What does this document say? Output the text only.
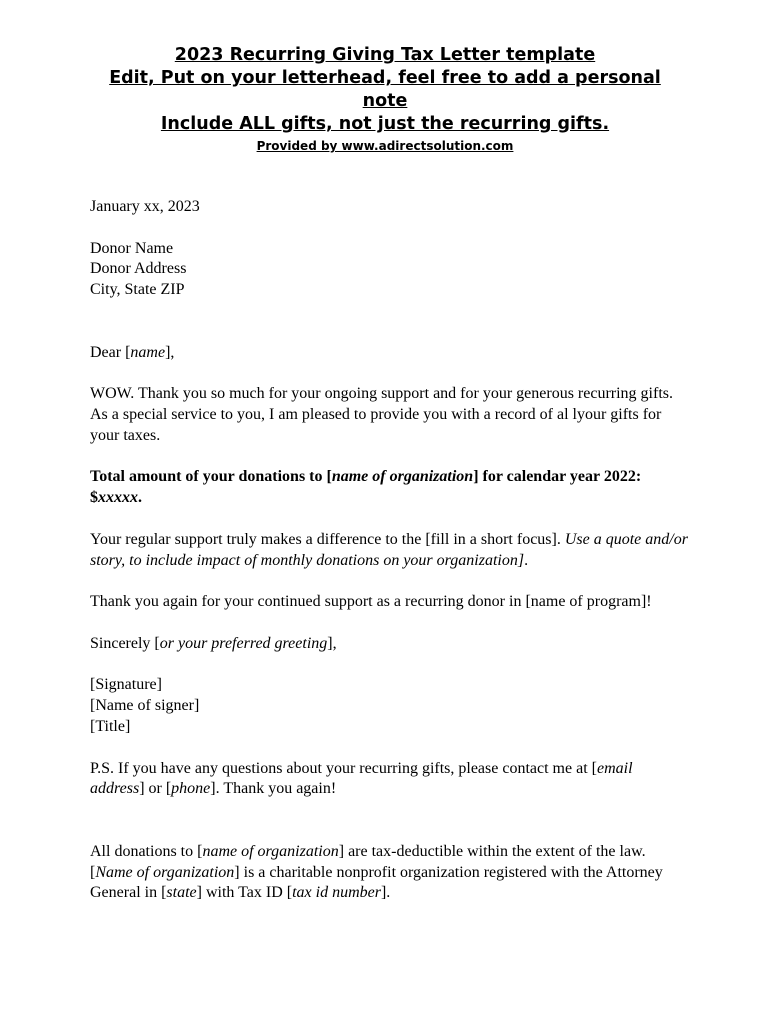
2023 Recurring Giving Tax Letter template
Edit, Put on your letterhead, feel free to add a personal note
Include ALL gifts, not just the recurring gifts.
Provided by www.adirectsolution.com

January xx, 2023

Donor Name

Donor Address

City, State ZIP

Dear [name],

WOW. Thank you so much for your ongoing support and for your generous recurring gifts. As a special service to you, I am pleased to provide you with a record of al lyour gifts for your taxes.

Total amount of your donations to [name of organization] for calendar year 2022: $xxxxx.

Your regular support truly makes a difference to the [fill in a short focus]. Use a quote and/or story, to include impact of monthly donations on your organization].

Thank you again for your continued support as a recurring donor in [name of program]!

Sincerely [or your preferred greeting],

[Signature]

[Name of signer]

[Title]

P.S. If you have any questions about your recurring gifts, please contact me at [email address] or [phone]. Thank you again!

All donations to [name of organization] are tax-deductible within the extent of the law. [Name of organization] is a charitable nonprofit organization registered with the Attorney General in [state] with Tax ID [tax id number].
